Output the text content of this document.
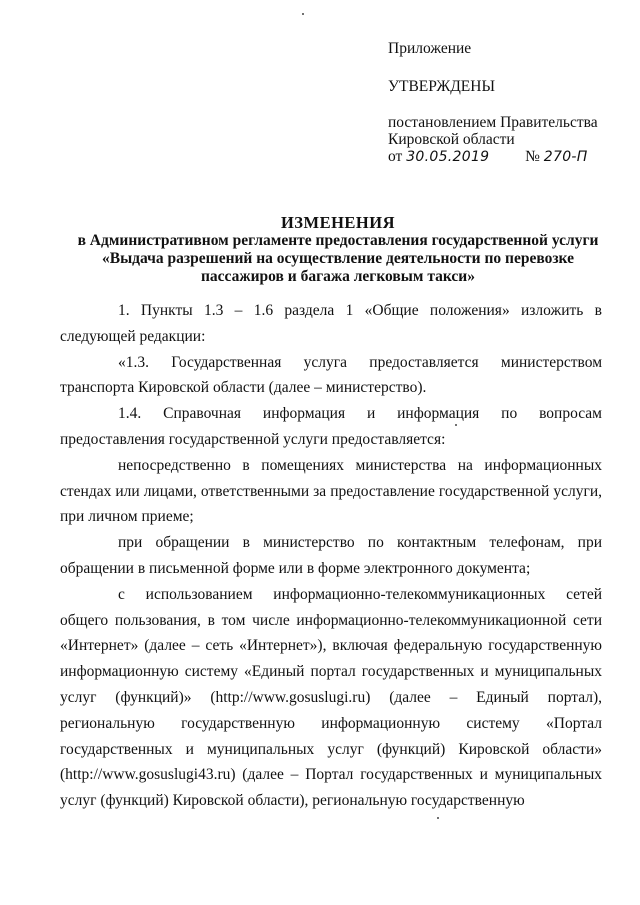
Приложение
УТВЕРЖДЕНЫ
постановлением Правительства
Кировской области
от 30.05.2019 № 270-П
ИЗМЕНЕНИЯ
в Административном регламенте предоставления государственной услуги
«Выдача разрешений на осуществление деятельности по перевозке
пассажиров и багажа легковым такси»

1. Пункты 1.3 – 1.6 раздела 1 «Общие положения» изложить в следующей редакции:

«1.3. Государственная услуга предоставляется министерством транспорта Кировской области (далее – министерство).

1.4. Справочная информация и информация по вопросам предоставления государственной услуги предоставляется:

непосредственно в помещениях министерства на информационных стендах или лицами, ответственными за предоставление государственной услуги, при личном приеме;

при обращении в министерство по контактным телефонам, при обращении в письменной форме или в форме электронного документа;

с использованием информационно-телекоммуникационных сетей общего пользования, в том числе информационно-телекоммуникационной сети «Интернет» (далее – сеть «Интернет»), включая федеральную государственную информационную систему «Единый портал государственных и муниципальных услуг (функций)» (http://www.gosuslugi.ru) (далее – Единый портал), региональную государственную информационную систему «Портал государственных и муниципальных услуг (функций) Кировской области» (http://www.gosuslugi43.ru) (далее – Портал государственных и муниципальных услуг (функций) Кировской области), региональную государственную
